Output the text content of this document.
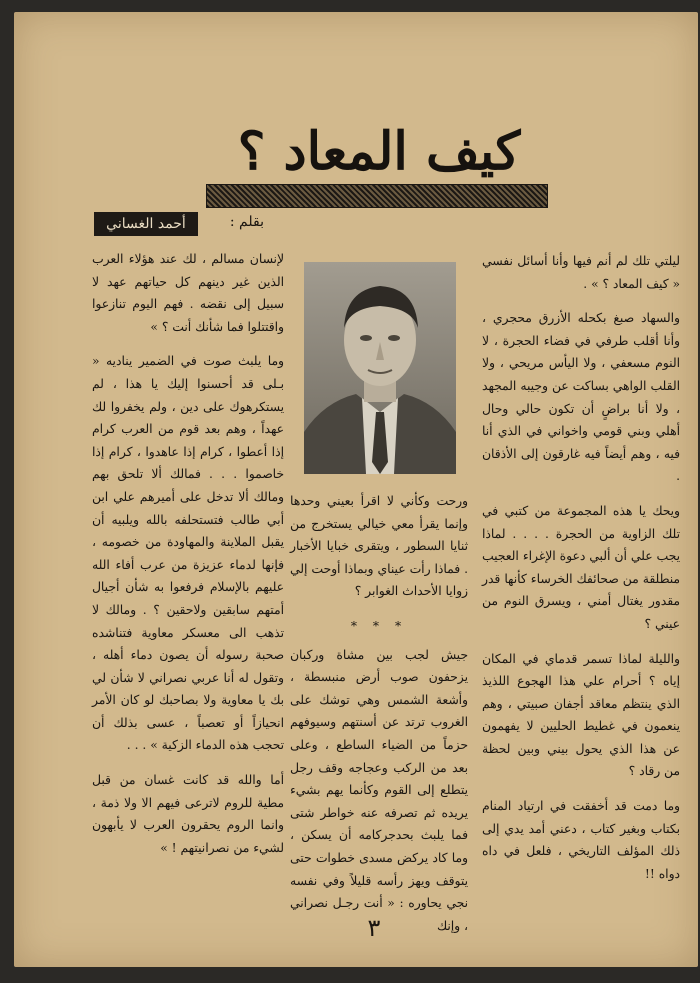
كيف المعاد ؟
بقلم :
أحمد الغساني

ليلتي تلك لم أنم فيها وأنا أسائل نفسي « كيف المعاد ؟ » .

والسهاد صبغ بكحله الأزرق محجري ، وأنا أقلب طرفي في فضاء الحجرة ، لا النوم مسعفي ، ولا اليأس مريحي ، ولا القلب الواهي بساكت عن وجيبه المجهد ، ولا أنا براضٍ أن تكون حالي وحال أهلي وبني قومي واخواني في الذي أنا فيه ، وهم أيضاً فيه غارقون إلى الأذقان .

ويحك يا هذه المجموعة من كتبي في تلك الزاوية من الحجرة . . . . لماذا يجب علي أن ألبي دعوة الإغراء العجيب منطلقة من صحائفك الخرساء كأنها قدر مقدور يغتال أمني ، ويسرق النوم من عيني ؟

والليلة لماذا تسمر قدماي في المكان إياه ؟ أحرام علي هذا الهجوع اللذيذ الذي ينتظم معاقد أجفان صبيتي ، وهم ينعمون في غطيط الحليين لا يفهمون عن هذا الذي يحول بيني وبين لحظة من رقاد ؟

وما دمت قد أخفقت في ارتياد المنام بكتاب وبغير كتاب ، دعني أمد يدي إلى ذلك المؤلف التاريخي ، فلعل في داه دواه !!

ورحت وكأني لا اقرأ بعيني وحدها وإنما يقرأ معي خيالي يستخرج من ثنايا السطور ، ويتقرى خبايا الأخبار . فماذا رأت عيناي وبماذا أوحت إلي زوايا الأحداث الغوابر ؟

* * *

جيش لجب بين مشاة وركبان يزحفون صوب أرض منبسطة ، وأشعة الشمس وهي توشك على الغروب ترتد عن أسنتهم وسيوفهم حزماً من الضياء الساطع ، وعلى بعد من الركب وعجاجه وقف رجل يتطلع إلى القوم وكأنما يهم بشيء يريده ثم تصرفه عنه خواطر شتى فما يلبث بحدجركامه أن يسكن ، وما كاد يركض مسدى خطوات حتى يتوقف ويهز رأسه قليلاً وفي نفسه نجي يحاوره : « أنت رجـل نصراني ، وإنك

لإنسان مسالم ، لك عند هؤلاء العرب الذين غير دينهم كل حياتهم عهد لا سبيل إلى نقضه . فهم اليوم تنازعوا واقتتلوا فما شأنك أنت ؟ »

وما يلبث صوت في الضمير يناديه « بـلى قد أحسنوا إليك يا هذا ، لم يستكرهوك على دين ، ولم يخفروا لك عهداً ، وهم بعد قوم من العرب كرام إذا أعطوا ، كرام إذا عاهدوا ، كرام إذا خاصموا . . . فمالك ألا تلحق بهم ومالك ألا تدخل على أميرهم علي ابن أبي طالب فتستحلفه بالله ويلبيه أن يقبل الملاينة والمهاودة من خصومه ، فإنها لدماء عزيزة من عرب أفاء الله عليهم بالإسلام فرفعوا به شأن أجيال أمتهم سابقين ولاحقين ؟ . ومالك لا تذهب الى معسكر معاوية فتناشده صحبة رسوله أن يصون دماء أهله ، وتقول له أنا عربي نصراني لا شأن لي بك يا معاوية ولا بصاحبك لو كان الأمر انحيازاً أو تعصباً ، عسى بذلك أن تحجب هذه الدماء الزكية » . . .

أما والله قد كانت غسان من قبل مطية للروم لاترعى فيهم الا ولا ذمة ، وانما الروم يحقرون العرب لا يأبهون لشيء من نصرانيتهم ! »

٣
